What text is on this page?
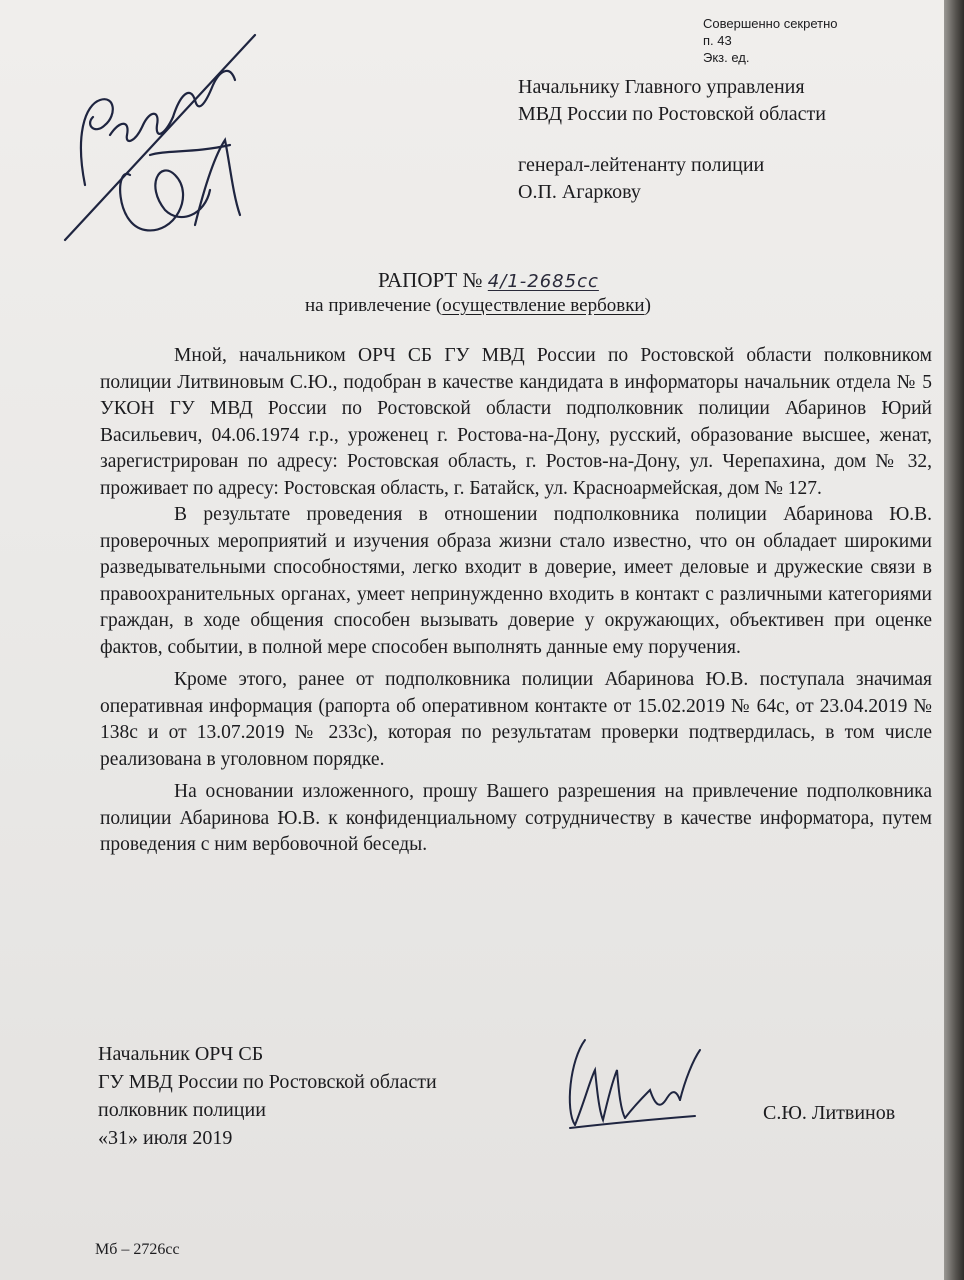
Совершенно секретно
п. 43
Экз. ед.
Начальнику Главного управления
МВД России по Ростовской области
генерал-лейтенанту полиции
О.П. Агаркову
РАПОРТ № 4/1-2685сс
на привлечение (осуществление вербовки)

Мной, начальником ОРЧ СБ ГУ МВД России по Ростовской области полковником полиции Литвиновым С.Ю., подобран в качестве кандидата в информаторы начальник отдела № 5 УКОН ГУ МВД России по Ростовской области подполковник полиции Абаринов Юрий Васильевич, 04.06.1974 г.р., уроженец г. Ростова-на-Дону, русский, образование высшее, женат, зарегистрирован по адресу: Ростовская область, г. Ростов-на-Дону, ул. Черепахина, дом № 32, проживает по адресу: Ростовская область, г. Батайск, ул. Красноармейская, дом № 127.

В результате проведения в отношении подполковника полиции Абаринова Ю.В. проверочных мероприятий и изучения образа жизни стало известно, что он обладает широкими разведывательными способностями, легко входит в доверие, имеет деловые и дружеские связи в правоохранительных органах, умеет непринужденно входить в контакт с различными категориями граждан, в ходе общения способен вызывать доверие у окружающих, объективен при оценке фактов, событии, в полной мере способен выполнять данные ему поручения.

Кроме этого, ранее от подполковника полиции Абаринова Ю.В. поступала значимая оперативная информация (рапорта об оперативном контакте от 15.02.2019 № 64с, от 23.04.2019 № 138с и от 13.07.2019 № 233с), которая по результатам проверки подтвердилась, в том числе реализована в уголовном порядке.

На основании изложенного, прошу Вашего разрешения на привлечение подполковника полиции Абаринова Ю.В. к конфиденциальному сотрудничеству в качестве информатора, путем проведения с ним вербовочной беседы.

Начальник ОРЧ СБ
ГУ МВД России по Ростовской области
полковник полиции
«31» июля 2019
С.Ю. Литвинов
Мб – 2726сс
